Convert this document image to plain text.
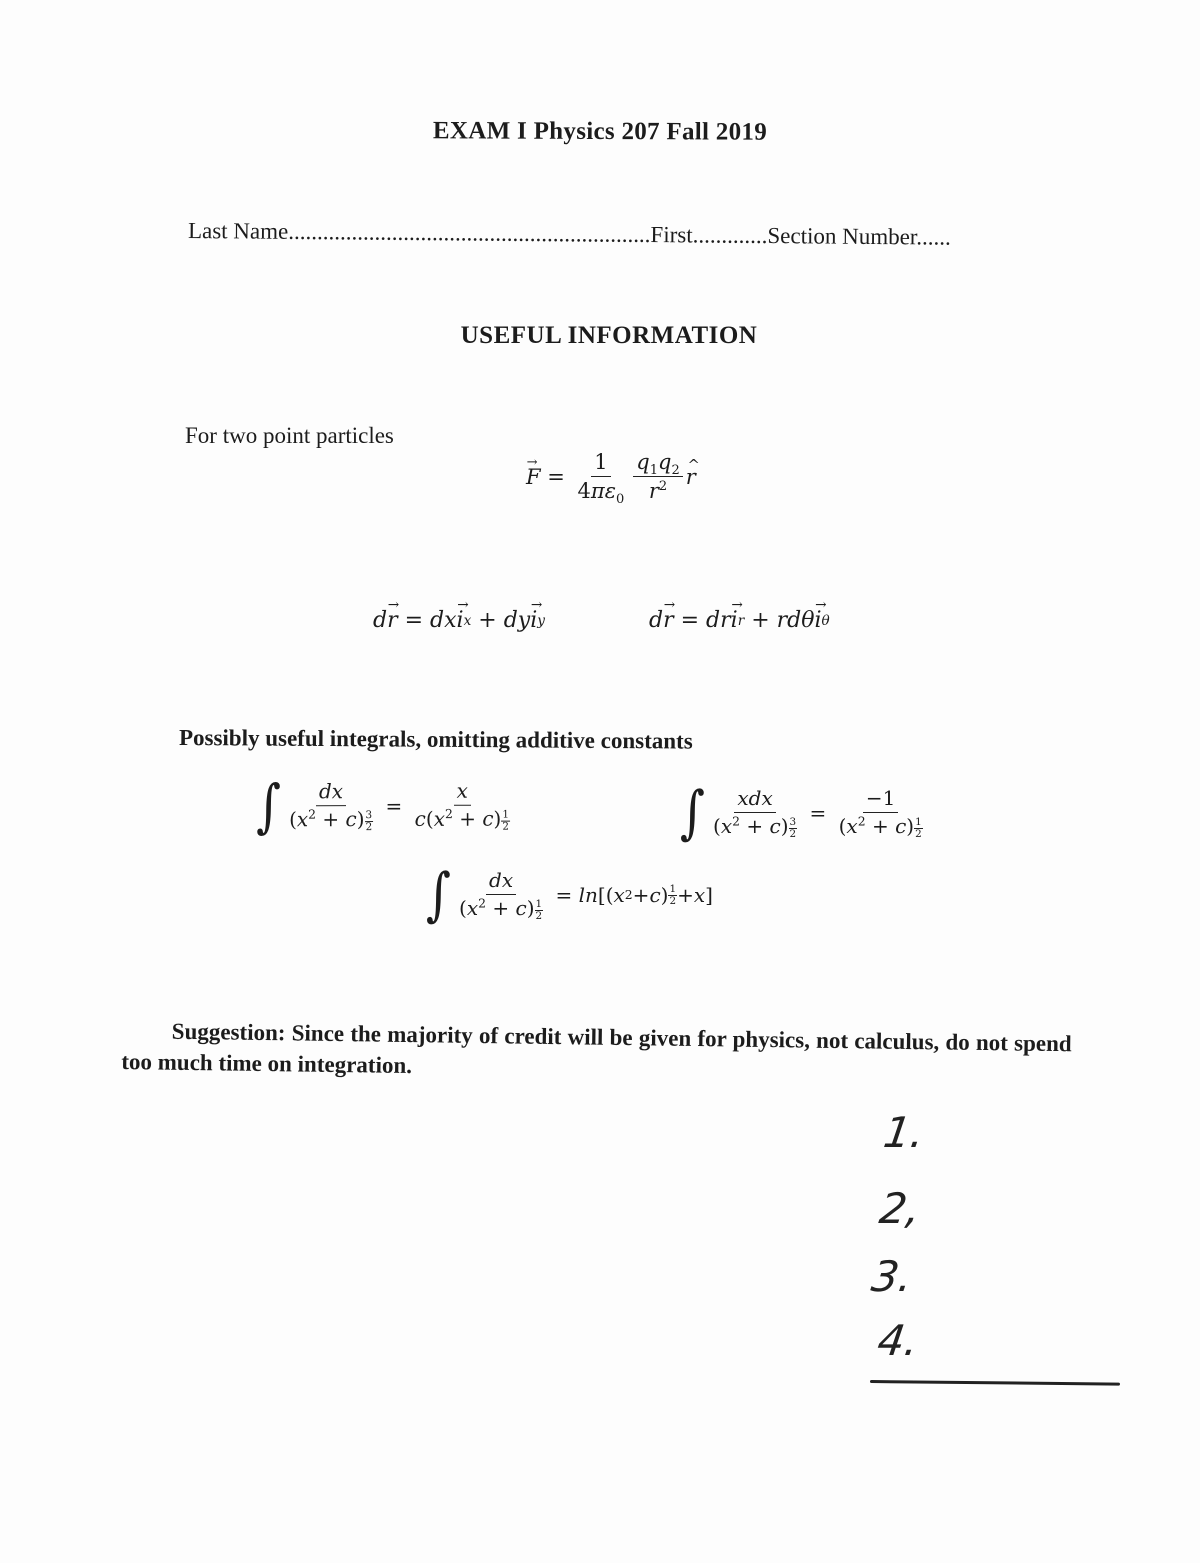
EXAM I Physics 207 Fall 2019
Last Name...............................................................First.............Section Number......
USEFUL INFORMATION
For two point particles
→ $F = \frac{1}{4\pi\varepsilon_0} \frac{q_1q_2}{r^2}$ ^ r
d → r = dx → i x + dy → i y	d → r = dr → i r + rdθ → i θ
Possibly useful integrals, omitting additive constants
∫ $\frac{dx}{(x^2 + c) \frac{3}{2}} = \frac{x}{c(x^2 + c) \frac{1}{2}}$	∫ $\frac{\text{xdx}}{(x^2 + c) \frac{3}{2}} = \frac{-1}{(x^2 + c) \frac{1}{2}}$
∫ $\frac{dx}{(x^2 + c) \frac{1}{2}} = \ln$ [( x 2 + c ) 1
2 + x ]
Suggestion: Since the majority of credit will be given for physics, not calculus, do not spend too much time on integration.
1.
2,
3.
4.
